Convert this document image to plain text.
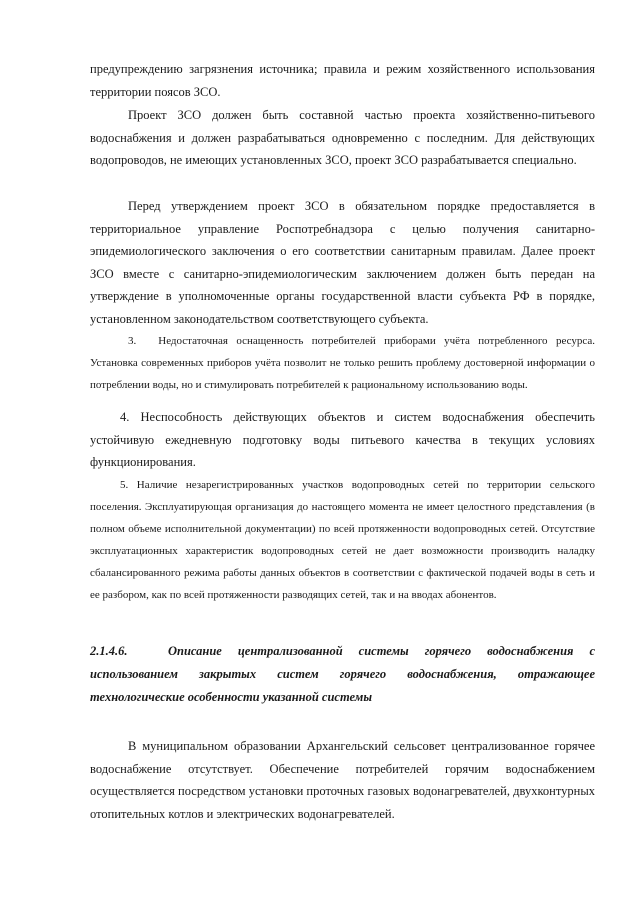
предупреждению загрязнения источника; правила и режим хозяйственного использования территории поясов ЗСО.

Проект ЗСО должен быть составной частью проекта хозяйственно-питьевого водоснабжения и должен разрабатываться одновременно с последним. Для действующих водопроводов, не имеющих установленных ЗСО, проект ЗСО разрабатывается специально.

Перед утверждением проект ЗСО в обязательном порядке предоставляется в территориальное управление Роспотребнадзора с целью получения санитарно-эпидемиологического заключения о его соответствии санитарным правилам. Далее проект ЗСО вместе с санитарно-эпидемиологическим заключением должен быть передан на утверждение в уполномоченные органы государственной власти субъекта РФ в порядке, установленном законодательством соответствующего субъекта.

3. Недостаточная оснащенность потребителей приборами учёта потребленного ресурса. Установка современных приборов учёта позволит не только решить проблему достоверной информации о потреблении воды, но и стимулировать потребителей к рациональному использованию воды.

4. Неспособность действующих объектов и систем водоснабжения обеспечить устойчивую ежедневную подготовку воды питьевого качества в текущих условиях функционирования.

5. Наличие незарегистрированных участков водопроводных сетей по территории сельского поселения. Эксплуатирующая организация до настоящего момента не имеет целостного представления (в полном объеме исполнительной документации) по всей протяженности водопроводных сетей. Отсутствие эксплуатационных характеристик водопроводных сетей не дает возможности производить наладку сбалансированного режима работы данных объектов в соответствии с фактической подачей воды в сеть и ее разбором, как по всей протяженности разводящих сетей, так и на вводах абонентов.

2.1.4.6.	Описание централизованной системы горячего водоснабжения с использованием закрытых систем горячего водоснабжения, отражающее технологические особенности указанной системы

В муниципальном образовании Архангельский сельсовет централизованное горячее водоснабжение отсутствует. Обеспечение потребителей горячим водоснабжением осуществляется посредством установки проточных газовых водонагревателей, двухконтурных отопительных котлов и электрических водонагревателей.
